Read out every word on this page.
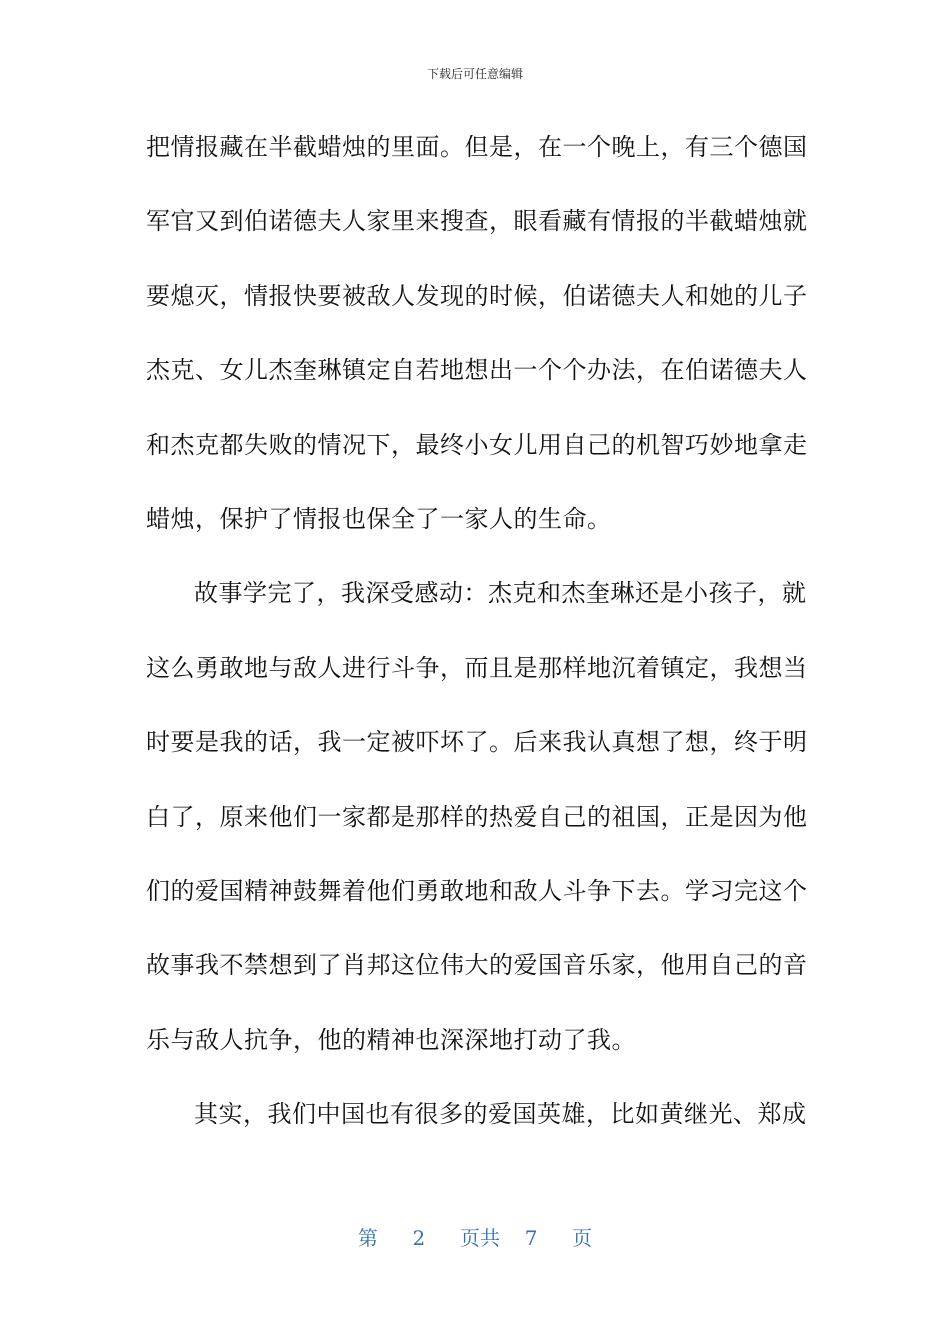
下载后可任意编辑
把情报藏在半截蜡烛的里面。但是，在一个晚上，有三个德国
军官又到伯诺德夫人家里来搜查，眼看藏有情报的半截蜡烛就
要熄灭，情报快要被敌人发现的时候，伯诺德夫人和她的儿子
杰克、女儿杰奎琳镇定自若地想出一个个办法，在伯诺德夫人
和杰克都失败的情况下，最终小女儿用自己的机智巧妙地拿走
蜡烛，保护了情报也保全了一家人的生命。
故事学完了，我深受感动：杰克和杰奎琳还是小孩子，就
这么勇敢地与敌人进行斗争，而且是那样地沉着镇定，我想当
时要是我的话，我一定被吓坏了。后来我认真想了想，终于明
白了，原来他们一家都是那样的热爱自己的祖国，正是因为他
们的爱国精神鼓舞着他们勇敢地和敌人斗争下去。学习完这个
故事我不禁想到了肖邦这位伟大的爱国音乐家，他用自己的音
乐与敌人抗争，他的精神也深深地打动了我。
其实，我们中国也有很多的爱国英雄，比如黄继光、郑成
第 2 页共 7 页
